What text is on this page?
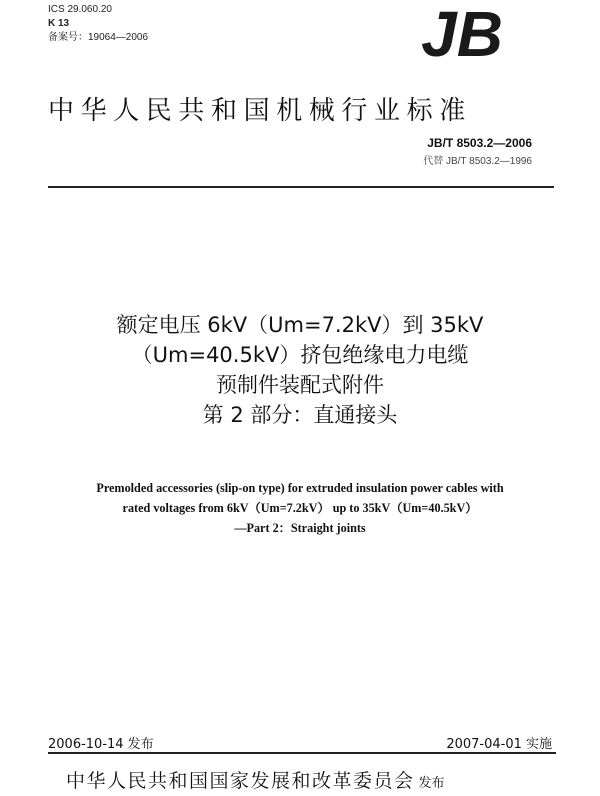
ICS 29.060.20
K 13
备案号：19064—2006	JB
中华人民共和国机械行业标准
JB/T 8503.2—2006
代替 JB/T 8503.2—1996
额定电压 6kV（Um=7.2kV）到 35kV
（Um=40.5kV）挤包绝缘电力电缆
预制件装配式附件
第 2 部分：直通接头
Premolded accessories (slip-on type) for extruded insulation power cables with
rated voltages from 6kV（Um=7.2kV） up to 35kV（Um=40.5kV）
—Part 2：Straight joints
2006-10-14 发布	2007-04-01 实施
中华人民共和国国家发展和改革委员会 发布
